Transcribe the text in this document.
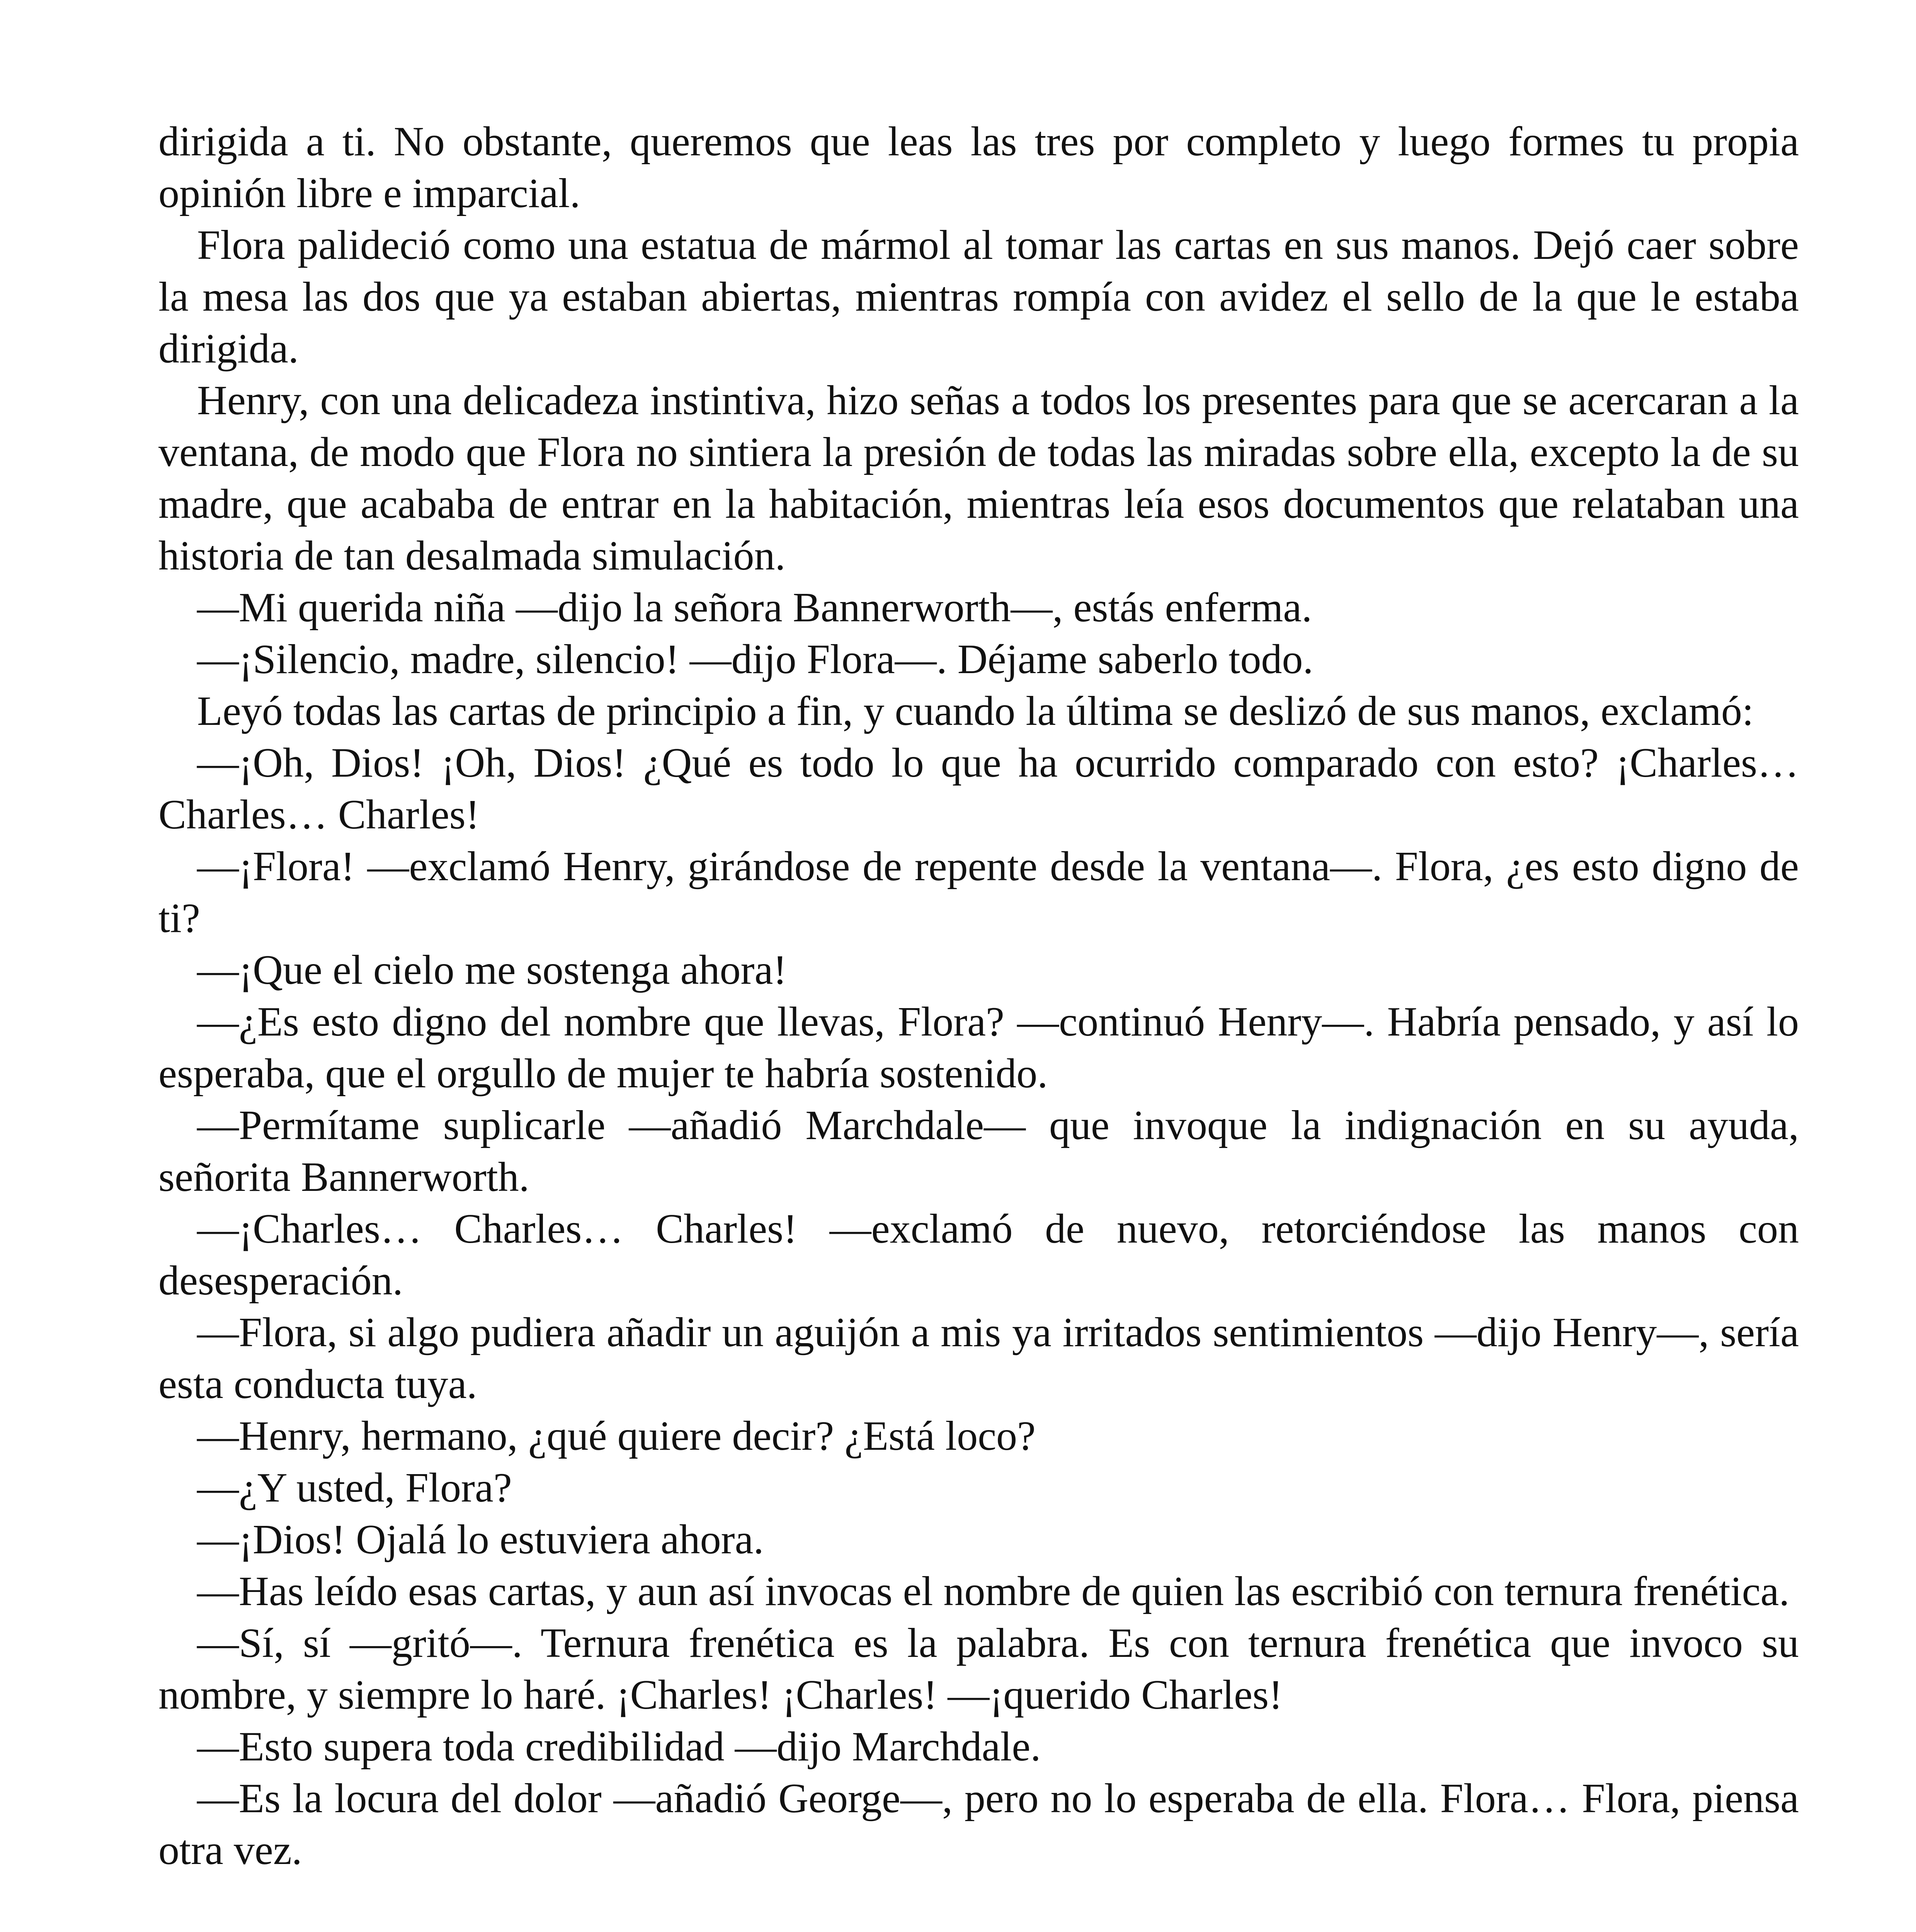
dirigida a ti. No obstante, queremos que leas las tres por completo y luego formes tu propia opinión libre e imparcial.

Flora palideció como una estatua de mármol al tomar las cartas en sus manos. Dejó caer sobre la mesa las dos que ya estaban abiertas, mientras rompía con avidez el sello de la que le estaba dirigida.

Henry, con una delicadeza instintiva, hizo señas a todos los presentes para que se acercaran a la ventana, de modo que Flora no sintiera la presión de todas las miradas sobre ella, excepto la de su madre, que acababa de entrar en la habitación, mientras leía esos documentos que relataban una historia de tan desalmada simulación.

—Mi querida niña —dijo la señora Bannerworth—, estás enferma.

—¡Silencio, madre, silencio! —dijo Flora—. Déjame saberlo todo.

Leyó todas las cartas de principio a fin, y cuando la última se deslizó de sus manos, exclamó:

—¡Oh, Dios! ¡Oh, Dios! ¿Qué es todo lo que ha ocurrido comparado con esto? ¡Charles… Charles… Charles!

—¡Flora! —exclamó Henry, girándose de repente desde la ventana—. Flora, ¿es esto digno de ti?

—¡Que el cielo me sostenga ahora!

—¿Es esto digno del nombre que llevas, Flora? —continuó Henry—. Habría pensado, y así lo esperaba, que el orgullo de mujer te habría sostenido.

—Permítame suplicarle —añadió Marchdale— que invoque la indignación en su ayuda, señorita Bannerworth.

—¡Charles… Charles… Charles! —exclamó de nuevo, retorciéndose las manos con desesperación.

—Flora, si algo pudiera añadir un aguijón a mis ya irritados sentimientos —dijo Henry—, sería esta conducta tuya.

—Henry, hermano, ¿qué quiere decir? ¿Está loco?

—¿Y usted, Flora?

—¡Dios! Ojalá lo estuviera ahora.

—Has leído esas cartas, y aun así invocas el nombre de quien las escribió con ternura frenética.

—Sí, sí —gritó—. Ternura frenética es la palabra. Es con ternura frenética que invoco su nombre, y siempre lo haré. ¡Charles! ¡Charles! —¡querido Charles!

—Esto supera toda credibilidad —dijo Marchdale.

—Es la locura del dolor —añadió George—, pero no lo esperaba de ella. Flora… Flora, piensa otra vez.
